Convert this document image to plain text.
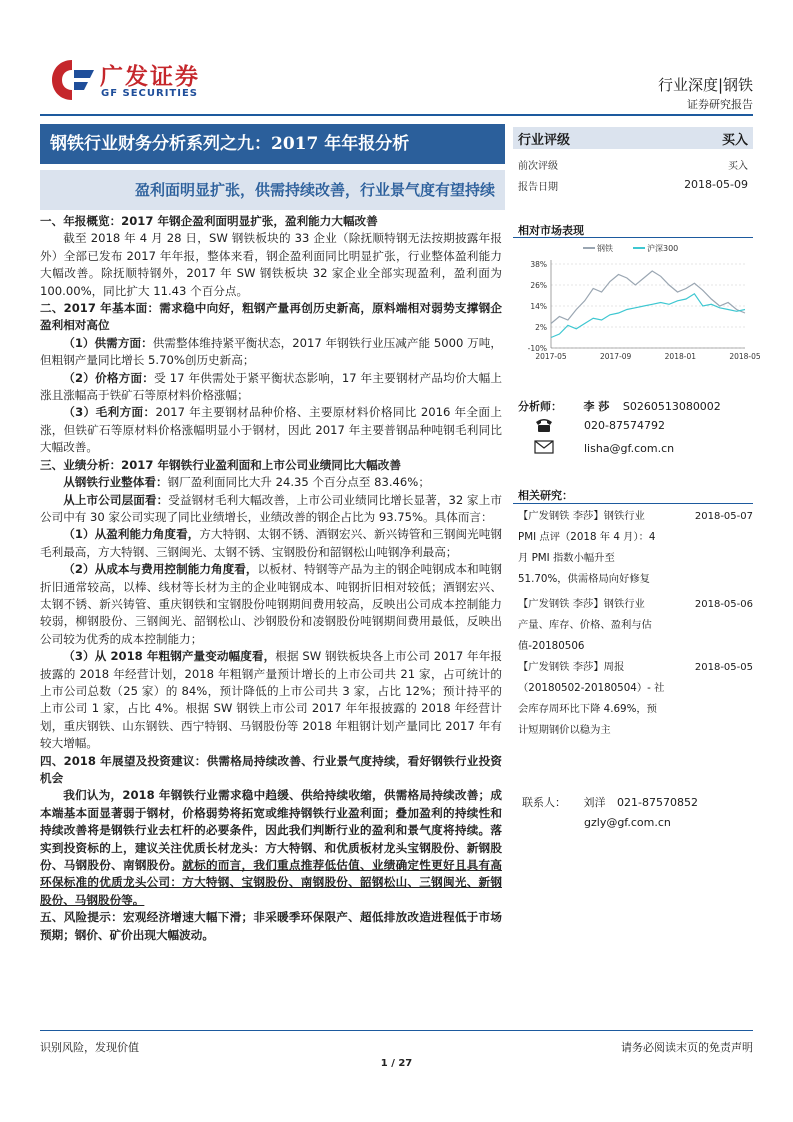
广发证券
GF SECURITIES	行业深度|钢铁
证券研究报告
钢铁行业财务分析系列之九：2017 年年报分析
盈利面明显扩张，供需持续改善，行业景气度有望持续

一、年报概览：2017 年钢企盈利面明显扩张，盈利能力大幅改善

截至 2018 年 4 月 28 日，SW 钢铁板块的 33 企业（除抚顺特钢无法按期披露年报外）全部已发布 2017 年年报，整体来看，钢企盈利面同比明显扩张，行业整体盈利能力大幅改善。除抚顺特钢外，2017 年 SW 钢铁板块 32 家企业全部实现盈利，盈利面为 100.00%，同比扩大 11.43 个百分点。

二、2017 年基本面：需求稳中向好，粗钢产量再创历史新高，原料端相对弱势支撑钢企盈利相对高位

（1）供需方面：供需整体维持紧平衡状态，2017 年钢铁行业压减产能 5000 万吨，但粗钢产量同比增长 5.70%创历史新高；

（2）价格方面：受 17 年供需处于紧平衡状态影响，17 年主要钢材产品均价大幅上涨且涨幅高于铁矿石等原材料价格涨幅；

（3）毛利方面：2017 年主要钢材品种价格、主要原材料价格同比 2016 年全面上涨，但铁矿石等原材料价格涨幅明显小于钢材，因此 2017 年主要普钢品种吨钢毛利同比大幅改善。

三、业绩分析：2017 年钢铁行业盈利面和上市公司业绩同比大幅改善

从钢铁行业整体看：钢厂盈利面同比大升 24.35 个百分点至 83.46%；

从上市公司层面看：受益钢材毛利大幅改善，上市公司业绩同比增长显著，32 家上市公司中有 30 家公司实现了同比业绩增长，业绩改善的钢企占比为 93.75%。具体而言：

（1）从盈利能力角度看，方大特钢、太钢不锈、酒钢宏兴、新兴铸管和三钢闽光吨钢毛利最高，方大特钢、三钢闽光、太钢不锈、宝钢股份和韶钢松山吨钢净利最高；

（2）从成本与费用控制能力角度看，以板材、特钢等产品为主的钢企吨钢成本和吨钢折旧通常较高，以棒、线材等长材为主的企业吨钢成本、吨钢折旧相对较低；酒钢宏兴、太钢不锈、新兴铸管、重庆钢铁和宝钢股份吨钢期间费用较高，反映出公司成本控制能力较弱，柳钢股份、三钢闽光、韶钢松山、沙钢股份和凌钢股份吨钢期间费用最低，反映出公司较为优秀的成本控制能力；

（3）从 2018 年粗钢产量变动幅度看，根据 SW 钢铁板块各上市公司 2017 年年报披露的 2018 年经营计划，2018 年粗钢产量预计增长的上市公司共 21 家，占可统计的上市公司总数（25 家）的 84%，预计降低的上市公司共 3 家，占比 12%；预计持平的上市公司 1 家，占比 4%。根据 SW 钢铁上市公司 2017 年年报披露的 2018 年经营计划，重庆钢铁、山东钢铁、西宁特钢、马钢股份等 2018 年粗钢计划产量同比 2017 年有较大增幅。

四、2018 年展望及投资建议：供需格局持续改善、行业景气度持续，看好钢铁行业投资机会

我们认为，2018 年钢铁行业需求稳中趋缓、供给持续收缩，供需格局持续改善；成本端基本面显著弱于钢材，价格弱势将拓宽或维持钢铁行业盈利面；叠加盈利的持续性和持续改善将是钢铁行业去杠杆的必要条件，因此我们判断行业的盈利和景气度将持续。落实到投资标的上，建议关注优质长材龙头：方大特钢、和优质板材龙头宝钢股份、新钢股份、马钢股份、南钢股份。就标的而言，我们重点推荐低估值、业绩确定性更好且具有高环保标准的优质龙头公司：方大特钢、宝钢股份、南钢股份、韶钢松山、三钢闽光、新钢股份、马钢股份等。

五、风险提示：宏观经济增速大幅下滑；非采暖季环保限产、超低排放改造进程低于市场预期；钢价、矿价出现大幅波动。

行业评级	买入
前次评级	买入
报告日期	2018-05-09
相对市场表现
钢铁	沪深300
38%
26%
14%
2%
-10%
2017-05	2017-09	2018-01	2018-05
分析师： 李 莎 S0260513080002
020-87574792
lisha@gf.com.cn
相关研究：
【广发钢铁 李莎】钢铁行业	2018-05-07
PMI 点评（2018 年 4 月）：4
月 PMI 指数小幅升至
51.70%，供需格局向好修复
【广发钢铁 李莎】钢铁行业	2018-05-06
产量、库存、价格、盈利与估
值-20180506
【广发钢铁 李莎】周报	2018-05-05
（20180502-20180504）- 社
会库存周环比下降 4.69%，预
计短期钢价以稳为主
联系人： 刘洋 021-87570852
gzly@gf.com.cn
识别风险，发现价值	请务必阅读末页的免责声明
1 / 27
